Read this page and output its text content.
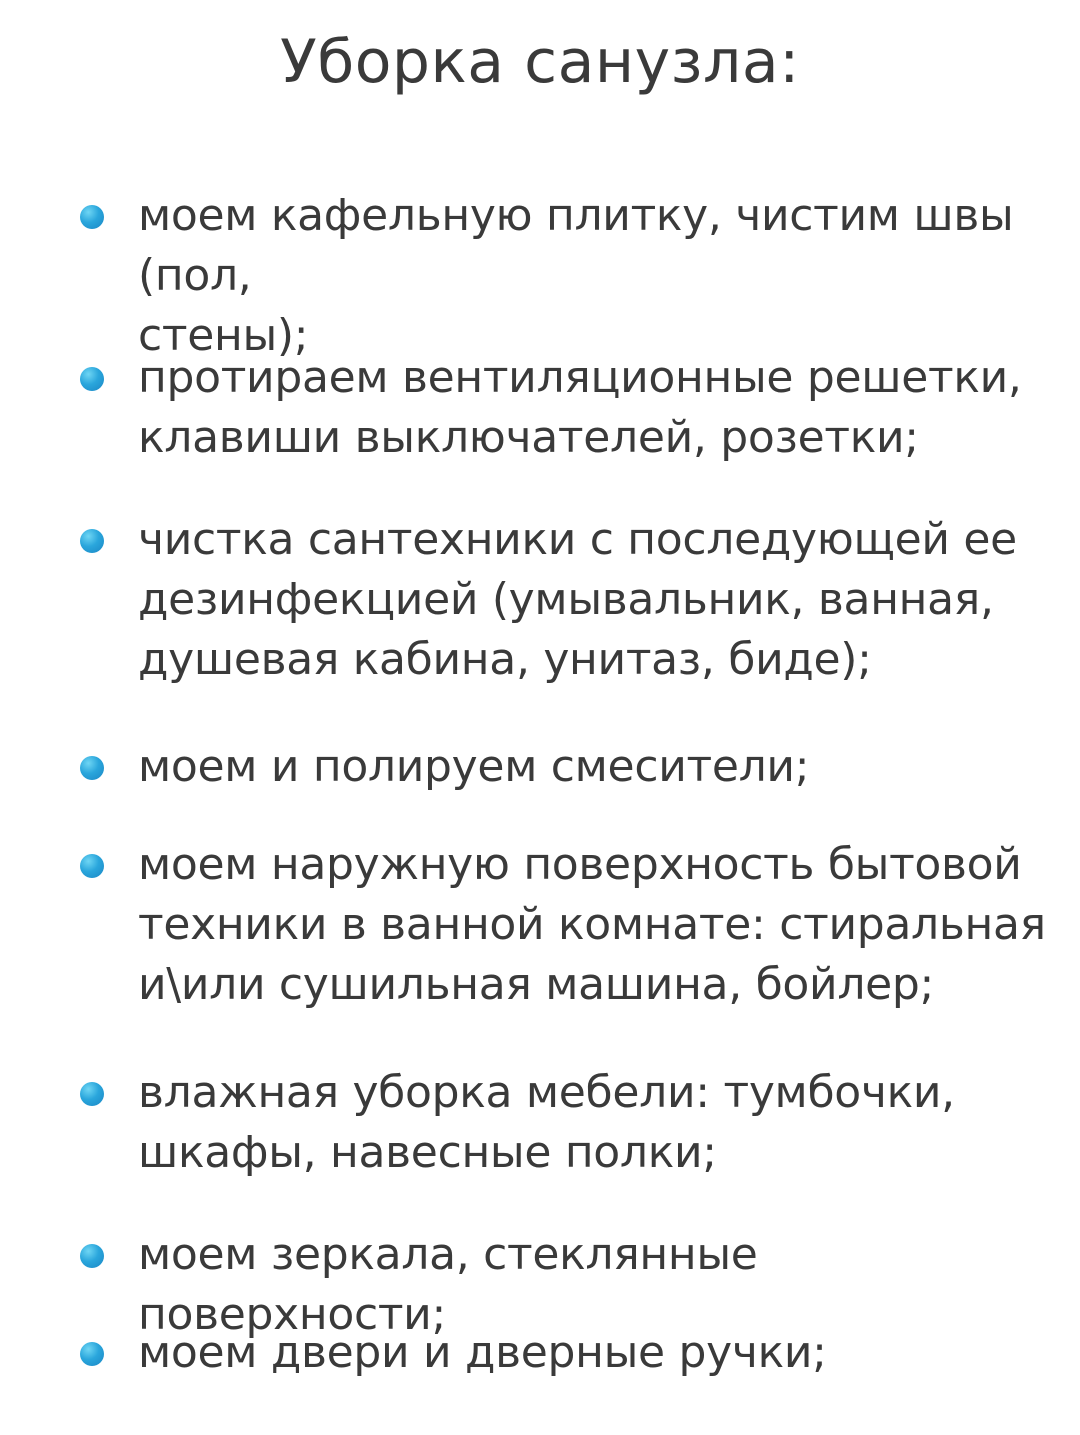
Уборка санузла:
моем кафельную плитку, чистим швы (пол,
стены);
протираем вентиляционные решетки,
клавиши выключателей, розетки;
чистка сантехники с последующей ее
дезинфекцией (умывальник, ванная,
душевая кабина, унитаз, биде);
моем и полируем смесители;
моем наружную поверхность бытовой
техники в ванной комнате: стиральная
и\или сушильная машина, бойлер;
влажная уборка мебели: тумбочки,
шкафы, навесные полки;
моем зеркала, стеклянные поверхности;
моем двери и дверные ручки;
